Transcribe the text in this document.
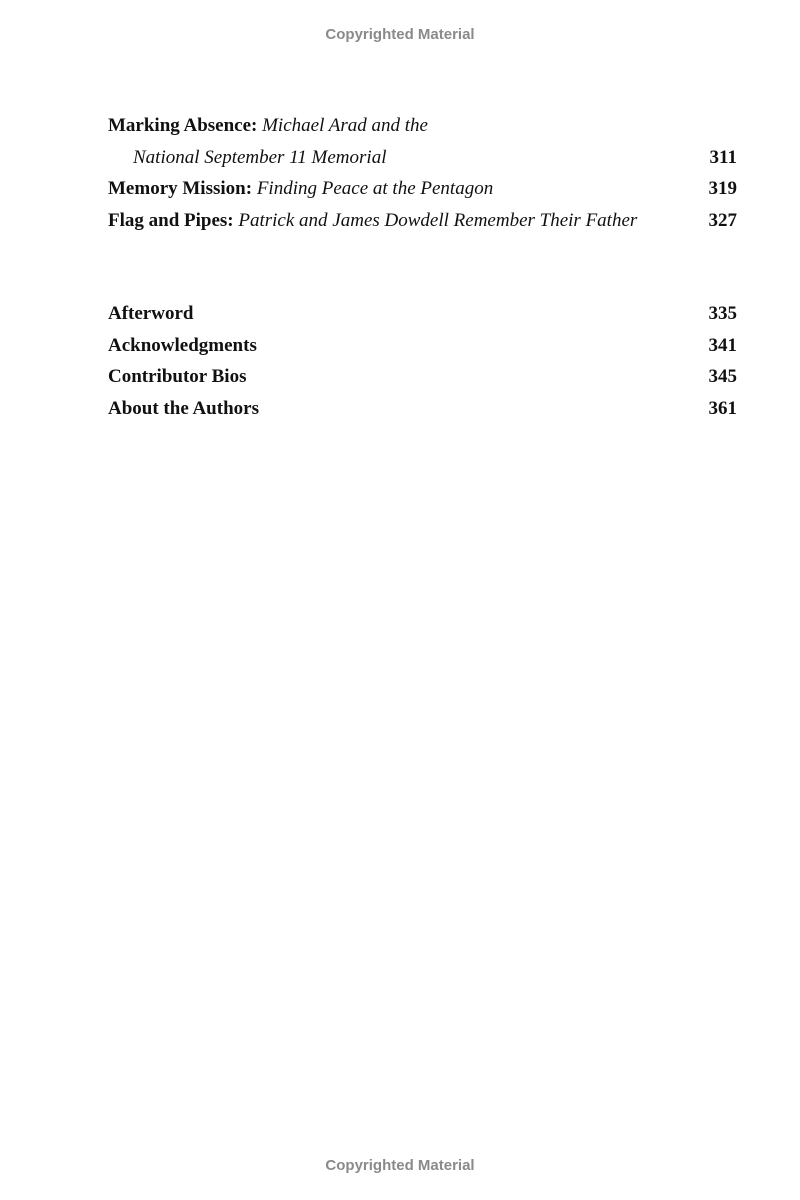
Copyrighted Material
Marking Absence: Michael Arad and the
National September 11 Memorial	311
Memory Mission: Finding Peace at the Pentagon	319
Flag and Pipes: Patrick and James Dowdell Remember Their Father	327
Afterword	335
Acknowledgments	341
Contributor Bios	345
About the Authors	361
Copyrighted Material
